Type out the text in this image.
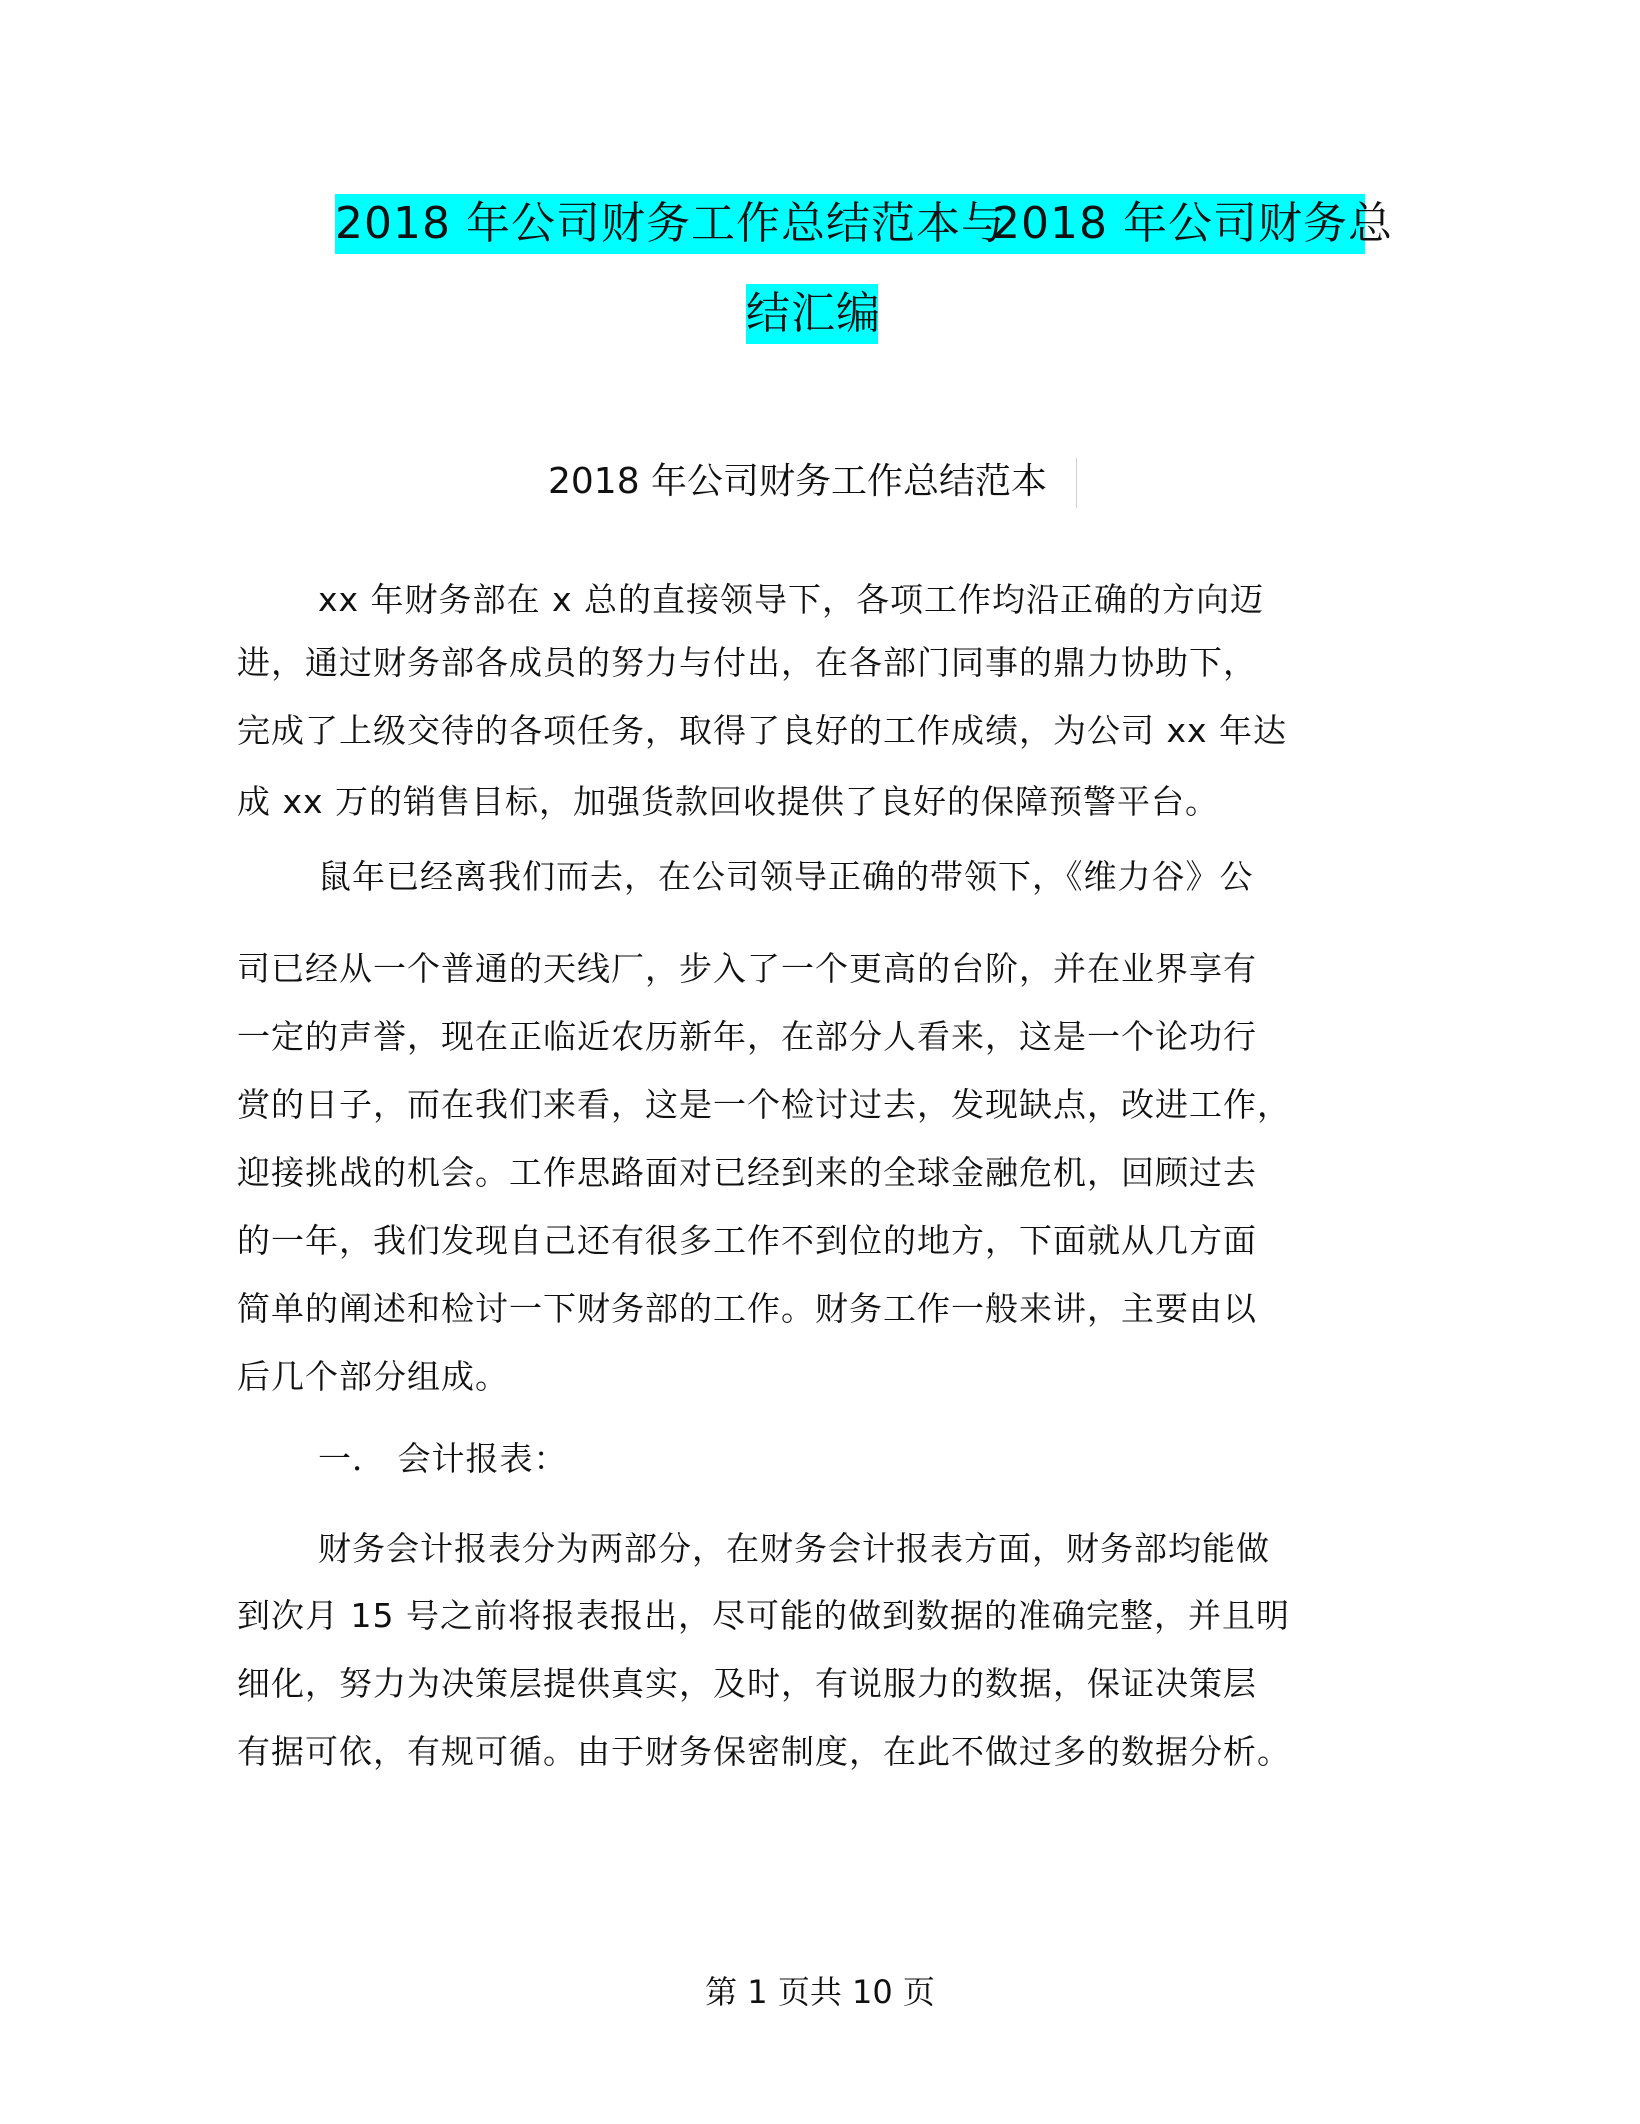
2018 年公司财务工作总结范本与
2018 年公司财务总
结汇编
2018 年公司财务工作总结范本
xx 年财务部在 x 总的直接领导下，各项工作均沿正确的方向迈
进，通过财务部各成员的努力与付出，在各部门同事的鼎力协助下，
完成了上级交待的各项任务，取得了良好的工作成绩，为公司 xx 年达
成 xx 万的销售目标，加强货款回收提供了良好的保障预警平台。
鼠年已经离我们而去，在公司领导正确的带领下，《维力谷》公
司已经从一个普通的天线厂，步入了一个更高的台阶，并在业界享有
一定的声誉，现在正临近农历新年，在部分人看来，这是一个论功行
赏的日子，而在我们来看，这是一个检讨过去，发现缺点，改进工作，
迎接挑战的机会。工作思路面对已经到来的全球金融危机，回顾过去
的一年，我们发现自己还有很多工作不到位的地方，下面就从几方面
简单的阐述和检讨一下财务部的工作。财务工作一般来讲，主要由以
后几个部分组成。
一． 会计报表：
财务会计报表分为两部分，在财务会计报表方面，财务部均能做
到次月 15 号之前将报表报出，尽可能的做到数据的准确完整，并且明
细化，努力为决策层提供真实，及时，有说服力的数据，保证决策层
有据可依，有规可循。由于财务保密制度，在此不做过多的数据分析。
第 1 页共 10 页
